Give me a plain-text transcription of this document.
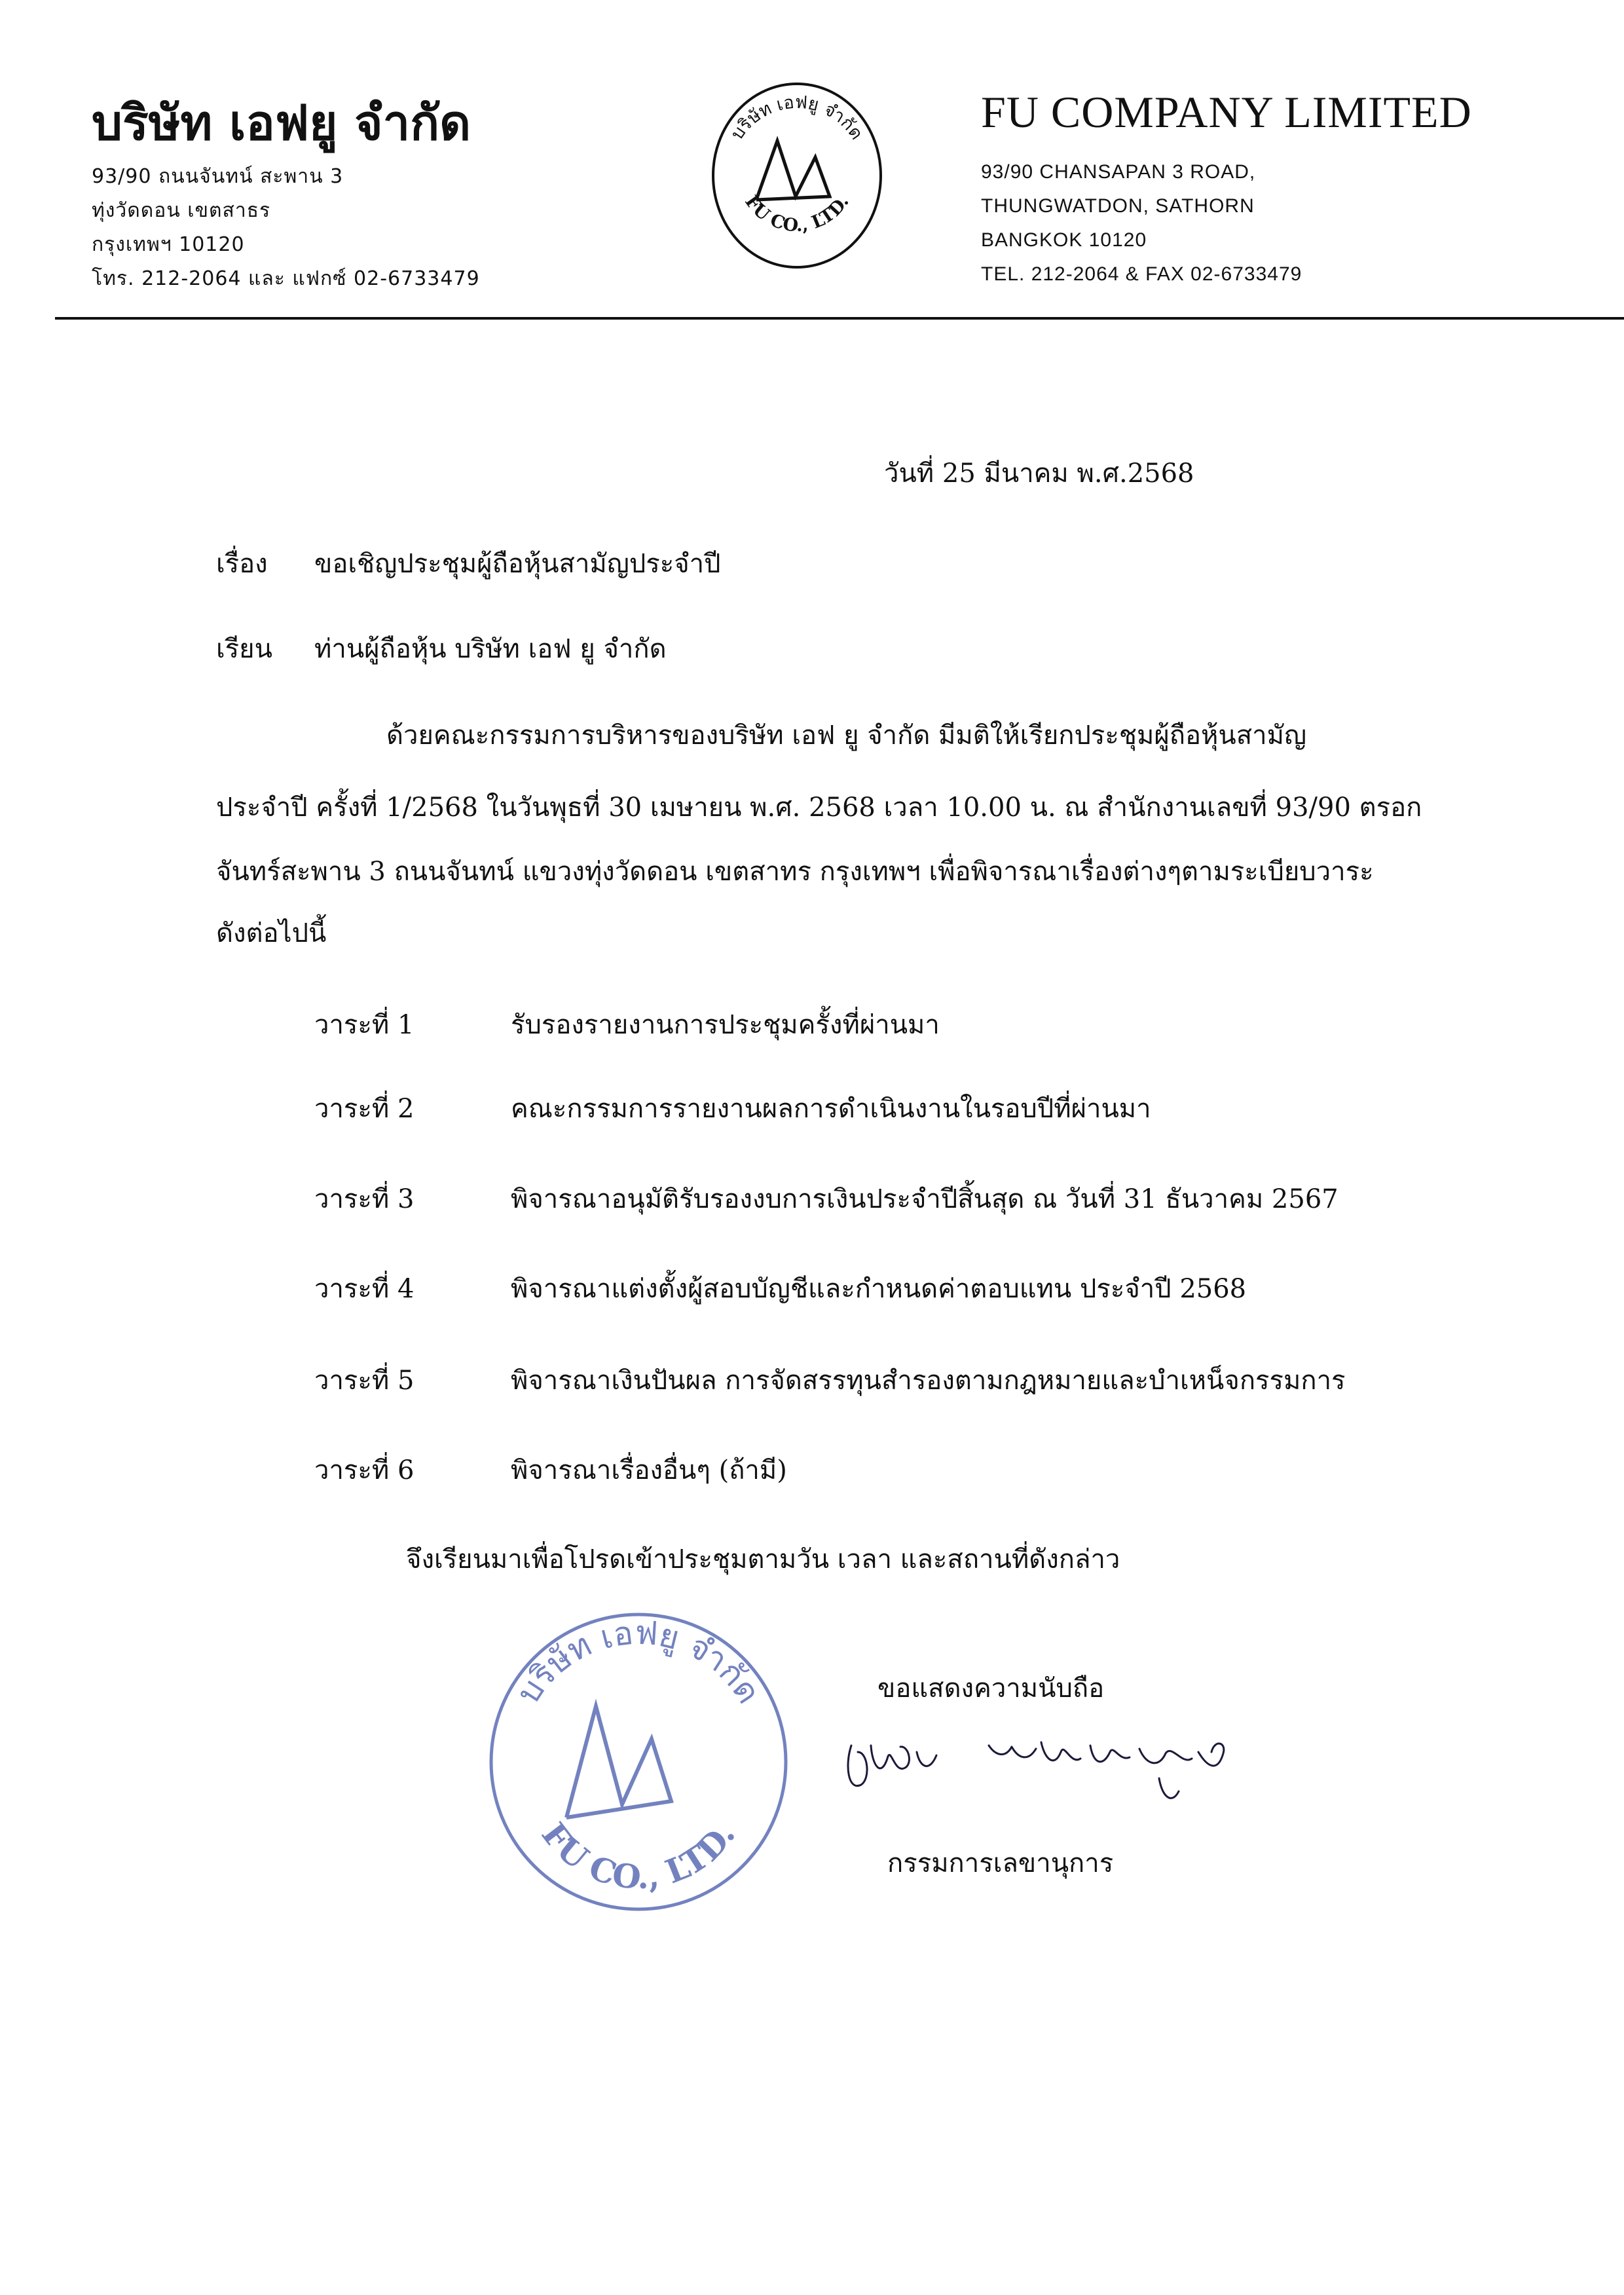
บริษัท เอฟยู จำกัด
93/90 ถนนจันทน์ สะพาน 3
ทุ่งวัดดอน เขตสาธร
กรุงเทพฯ 10120
โทร. 212-2064 และ แฟกซ์ 02-6733479
บริษัท เอฟยู จำกัด
FU CO., LTD.
FU COMPANY LIMITED
93/90 CHANSAPAN 3 ROAD,
THUNGWATDON, SATHORN
BANGKOK 10120
TEL. 212-2064 & FAX 02-6733479
วันที่ 25 มีนาคม พ.ศ.2568
เรื่อง ขอเชิญประชุมผู้ถือหุ้นสามัญประจำปี
เรียน ท่านผู้ถือหุ้น บริษัท เอฟ ยู จำกัด
ด้วยคณะกรรมการบริหารของบริษัท เอฟ ยู จำกัด มีมติให้เรียกประชุมผู้ถือหุ้นสามัญ
ประจำปี ครั้งที่ 1/2568 ในวันพุธที่ 30 เมษายน พ.ศ. 2568 เวลา 10.00 น. ณ สำนักงานเลขที่ 93/90 ตรอก
จันทร์สะพาน 3 ถนนจันทน์ แขวงทุ่งวัดดอน เขตสาทร กรุงเทพฯ เพื่อพิจารณาเรื่องต่างๆตามระเบียบวาระ
ดังต่อไปนี้
วาระที่ 1	รับรองรายงานการประชุมครั้งที่ผ่านมา
วาระที่ 2	คณะกรรมการรายงานผลการดำเนินงานในรอบปีที่ผ่านมา
วาระที่ 3	พิจารณาอนุมัติรับรองงบการเงินประจำปีสิ้นสุด ณ วันที่ 31 ธันวาคม 2567
วาระที่ 4	พิจารณาแต่งตั้งผู้สอบบัญชีและกำหนดค่าตอบแทน ประจำปี 2568
วาระที่ 5	พิจารณาเงินปันผล การจัดสรรทุนสำรองตามกฎหมายและบำเหน็จกรรมการ
วาระที่ 6	พิจารณาเรื่องอื่นๆ (ถ้ามี)
จึงเรียนมาเพื่อโปรดเข้าประชุมตามวัน เวลา และสถานที่ดังกล่าว
บริษัท เอฟยู จำกัด
FU CO., LTD.
ขอแสดงความนับถือ
กรรมการเลขานุการ
